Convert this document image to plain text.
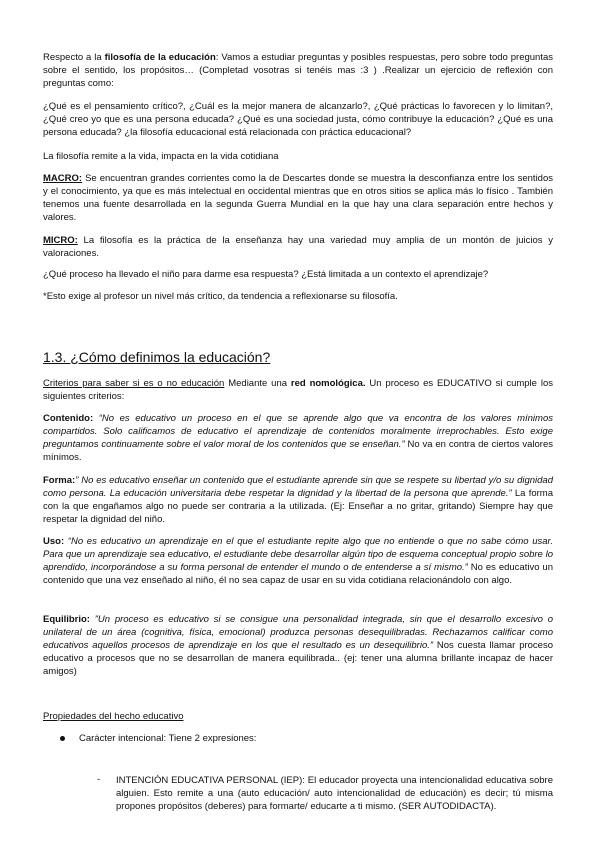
Respecto a la filosofía de la educación: Vamos a estudiar preguntas y posibles respuestas, pero sobre todo preguntas sobre el sentido, los propósitos… (Completad vosotras si tenéis mas :3 ) .Realizar un ejercicio de reflexión con preguntas como:

¿Qué es el pensamiento crítico?, ¿Cuál es la mejor manera de alcanzarlo?, ¿Qué prácticas lo favorecen y lo limitan?, ¿Qué creo yo que es una persona educada? ¿Qué es una sociedad justa, cómo contribuye la educación? ¿Qué es una persona educada? ¿la filosofía educacional está relacionada con práctica educacional?

La filosofía remite a la vida, impacta en la vida cotidiana

MACRO: Se encuentran grandes corrientes como la de Descartes donde se muestra la desconfianza entre los sentidos y el conocimiento, ya que es más intelectual en occidental mientras que en otros sitios se aplica más lo físico . También tenemos una fuente desarrollada en la segunda Guerra Mundial en la que hay una clara separación entre hechos y valores.

MICRO: La filosofía es la práctica de la enseñanza hay una variedad muy amplia de un montón de juicios y valoraciones.

¿Qué proceso ha llevado el niño para darme esa respuesta? ¿Está limitada a un contexto el aprendizaje?

*Esto exige al profesor un nivel más crítico, da tendencia a reflexionarse su filosofía.

1.3. ¿Cómo definimos la educación?

Criterios para saber si es o no educación Mediante una red nomológica. Un proceso es EDUCATIVO si cumple los siguientes criterios:

Contenido: “No es educativo un proceso en el que se aprende algo que va encontra de los valores mínimos compartidos. Solo calificamos de educativo el aprendizaje de contenidos moralmente irreprochables. Esto exige preguntamos continuamente sobre el valor moral de los contenidos que se enseñan.” No va en contra de ciertos valores mínimos.

Forma:” No es educativo enseñar un contenido que el estudiante aprende sin que se respete su libertad y/o su dignidad como persona. La educación universitaria debe respetar la dignidad y la libertad de la persona que aprende.” La forma con la que engañamos algo no puede ser contraria a la utilizada. (Ej: Enseñar a no gritar, gritando) Siempre hay que respetar la dignidad del niño.

Uso: “No es educativo un aprendizaje en el que el estudiante repite algo que no entiende o que no sabe cómo usar. Para que un aprendizaje sea educativo, el estudiante debe desarrollar algún tipo de esquema conceptual propio sobre lo aprendido, incorporándose a su forma personal de entender el mundo o de entenderse a sí mismo.” No es educativo un contenido que una vez enseñado al niño, él no sea capaz de usar en su vida cotidiana relacionándolo con algo.

Equilibrio: ”Un proceso es educativo si se consigue una personalidad integrada, sin que el desarrollo excesivo o unilateral de un área (cognitiva, física, emocional) produzca personas desequilibradas. Rechazamos calificar como educativos aquellos procesos de aprendizaje en los que el resultado es un desequilibrio.” Nos cuesta llamar proceso educativo a procesos que no se desarrollan de manera equilibrada.. (ej: tener una alumna brillante incapaz de hacer amigos)

Propiedades del hecho educativo

Carácter intencional: Tiene 2 expresiones:
- INTENCIÓN EDUCATIVA PERSONAL (IEP): El educador proyecta una intencionalidad educativa sobre alguien. Esto remite a una (auto educación/ auto intencionalidad de educación) es decir; tú misma propones propósitos (deberes) para formarte/ educarte a ti mismo. (SER AUTODIDACTA).
